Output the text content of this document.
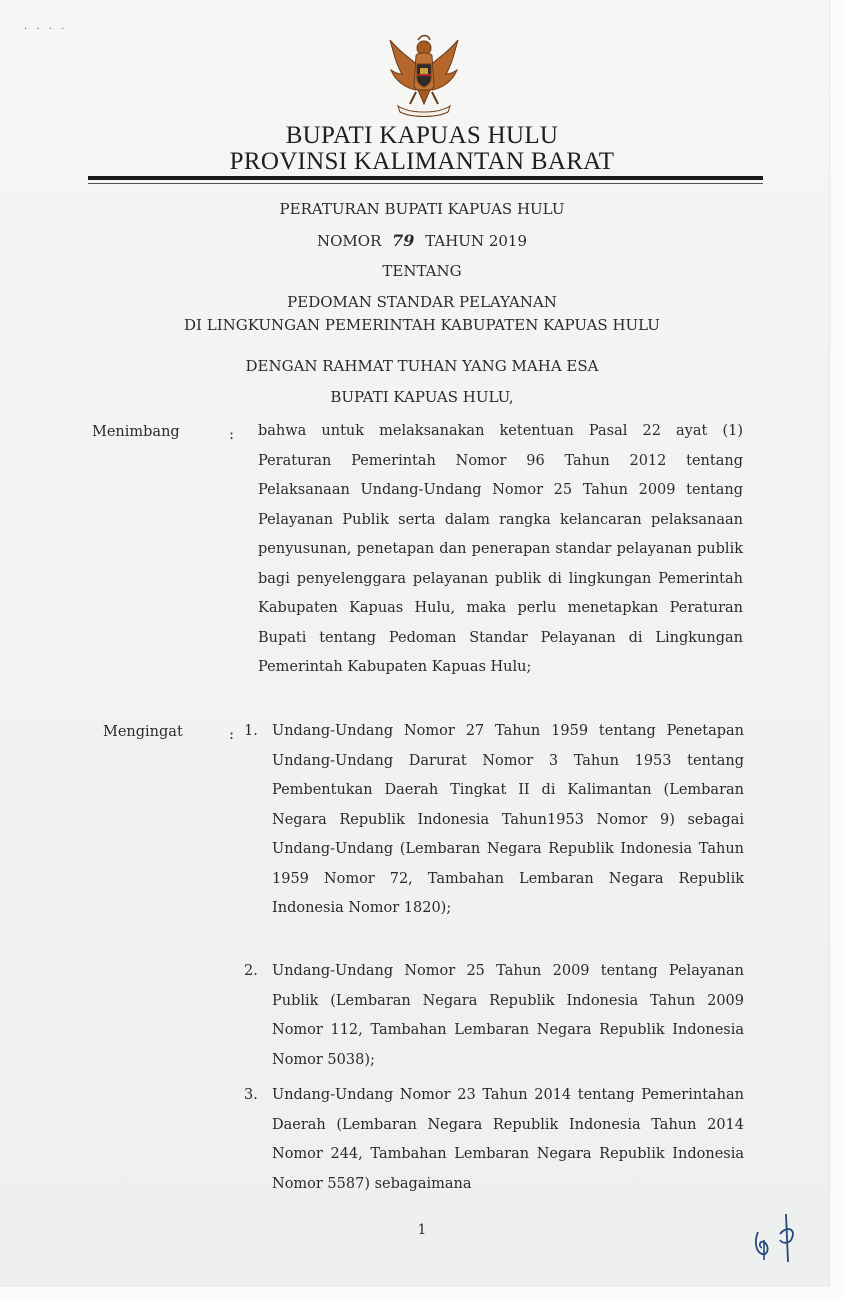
· · · ·
BUPATI KAPUAS HULU
PROVINSI KALIMANTAN BARAT
PERATURAN BUPATI KAPUAS HULU
NOMOR 79 TAHUN 2019
TENTANG
PEDOMAN STANDAR PELAYANAN
DI LINGKUNGAN PEMERINTAH KABUPATEN KAPUAS HULU
DENGAN RAHMAT TUHAN YANG MAHA ESA
BUPATI KAPUAS HULU,
Menimbang	: bahwa untuk melaksanakan ketentuan Pasal 22 ayat (1) Peraturan Pemerintah Nomor 96 Tahun 2012 tentang Pelaksanaan Undang-Undang Nomor 25 Tahun 2009 tentang Pelayanan Publik serta dalam rangka kelancaran pelaksanaan penyusunan, penetapan dan penerapan standar pelayanan publik bagi penyelenggara pelayanan publik di lingkungan Pemerintah Kabupaten Kapuas Hulu, maka perlu menetapkan Peraturan Bupati tentang Pedoman Standar Pelayanan di Lingkungan Pemerintah Kabupaten Kapuas Hulu;
Mengingat	: 1. Undang-Undang Nomor 27 Tahun 1959 tentang Penetapan Undang-Undang Darurat Nomor 3 Tahun 1953 tentang Pembentukan Daerah Tingkat II di Kalimantan (Lembaran Negara Republik Indonesia Tahun1953 Nomor 9) sebagai Undang-Undang (Lembaran Negara Republik Indonesia Tahun 1959 Nomor 72, Tambahan Lembaran Negara Republik Indonesia Nomor 1820);
2. Undang-Undang Nomor 25 Tahun 2009 tentang Pelayanan Publik (Lembaran Negara Republik Indonesia Tahun 2009 Nomor 112, Tambahan Lembaran Negara Republik Indonesia Nomor 5038);
3. Undang-Undang Nomor 23 Tahun 2014 tentang Pemerintahan Daerah (Lembaran Negara Republik Indonesia Tahun 2014 Nomor 244, Tambahan Lembaran Negara Republik Indonesia Nomor 5587) sebagaimana
1
